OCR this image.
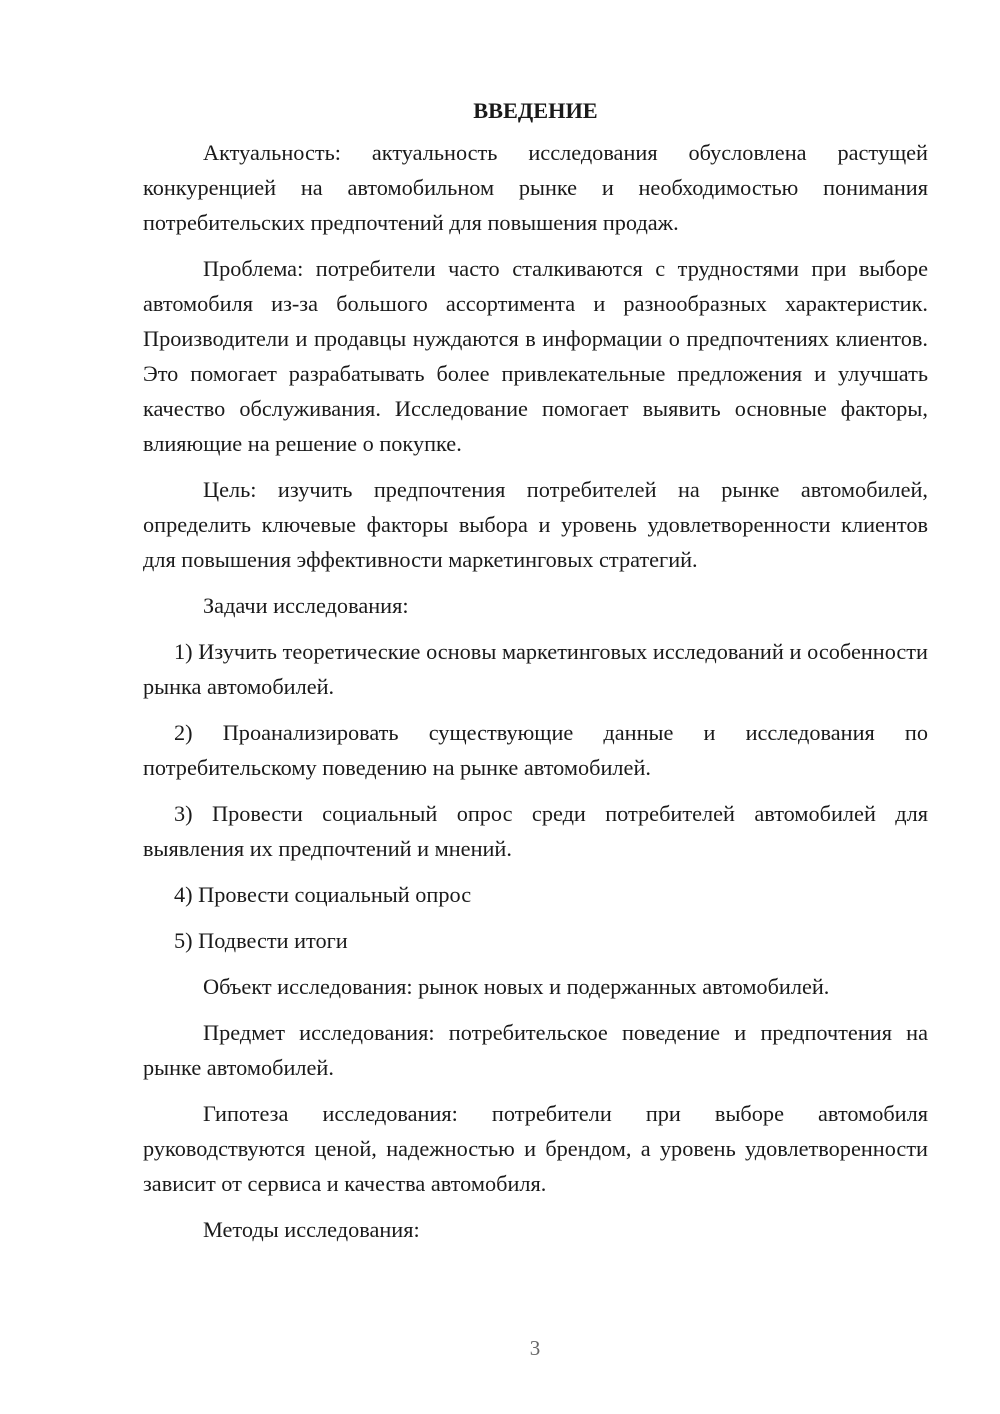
ВВЕДЕНИЕ

Актуальность: актуальность исследования обусловлена растущей конкуренцией на автомобильном рынке и необходимостью понимания потребительских предпочтений для повышения продаж.

Проблема: потребители часто сталкиваются с трудностями при выборе автомобиля из-за большого ассортимента и разнообразных характеристик. Производители и продавцы нуждаются в информации о предпочтениях клиентов. Это помогает разрабатывать более привлекательные предложения и улучшать качество обслуживания. Исследование помогает выявить основные факторы, влияющие на решение о покупке.

Цель: изучить предпочтения потребителей на рынке автомобилей, определить ключевые факторы выбора и уровень удовлетворенности клиентов для повышения эффективности маркетинговых стратегий.

Задачи исследования:

1) Изучить теоретические основы маркетинговых исследований и особенности рынка автомобилей.

2) Проанализировать существующие данные и исследования по потребительскому поведению на рынке автомобилей.

3) Провести социальный опрос среди потребителей автомобилей для выявления их предпочтений и мнений.

4) Провести социальный опрос

5) Подвести итоги

Объект исследования: рынок новых и подержанных автомобилей.

Предмет исследования: потребительское поведение и предпочтения на рынке автомобилей.

Гипотеза исследования: потребители при выборе автомобиля руководствуются ценой, надежностью и брендом, а уровень удовлетворенности зависит от сервиса и качества автомобиля.

Методы исследования:

3
